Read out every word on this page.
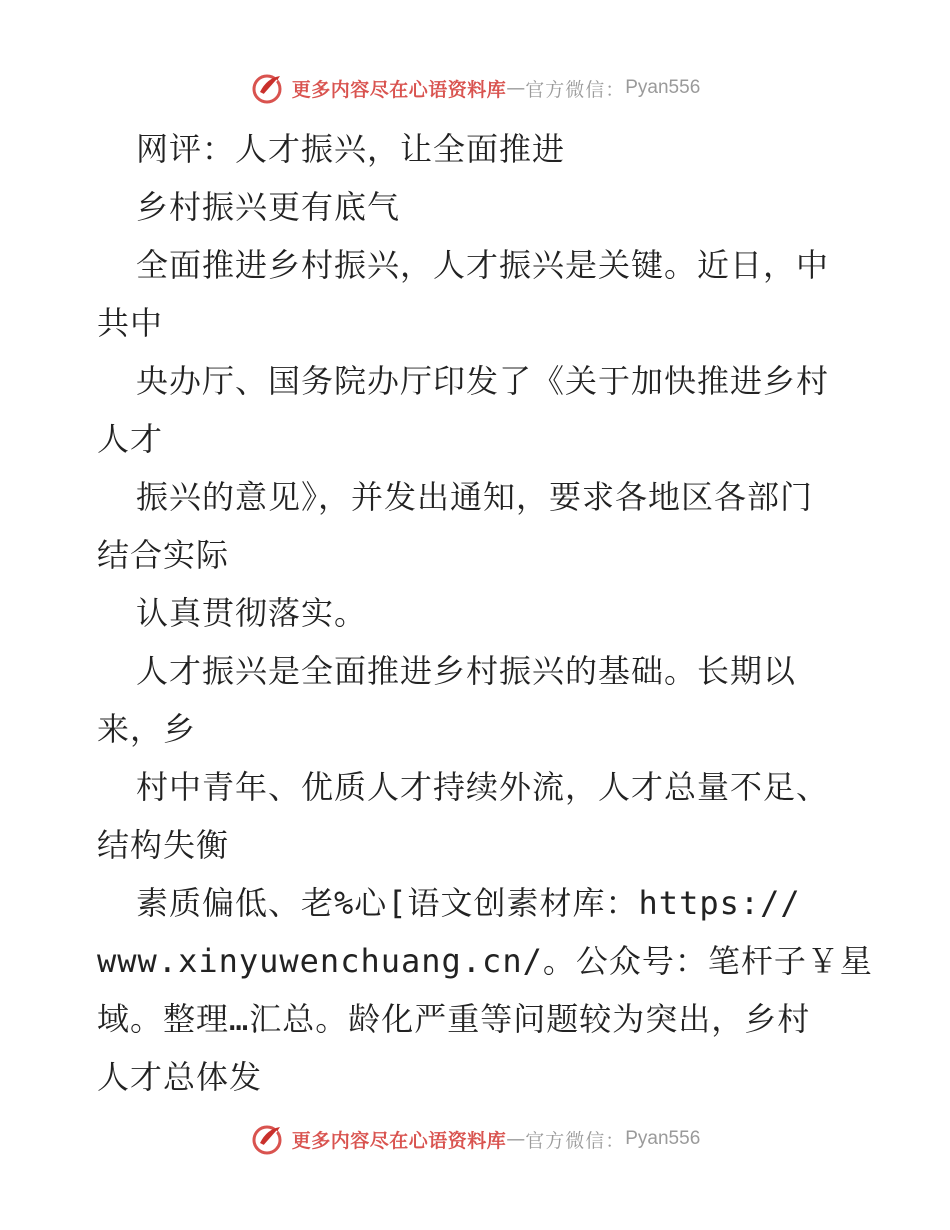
更多内容尽在心语资料库—官方微信：Pyan556
网评：人才振兴，让全面推进
乡村振兴更有底气
全面推进乡村振兴，人才振兴是关键。近日，中
共中
央办厅、国务院办厅印发了《关于加快推进乡村
人才
振兴的意见》，并发出通知，要求各地区各部门
结合实际
认真贯彻落实。
人才振兴是全面推进乡村振兴的基础。长期以
来，乡
村中青年、优质人才持续外流，人才总量不足、
结构失衡
素质偏低、老%心[语文创素材库：https://
www.xinyuwenchuang.cn/。公众号：笔杆子￥星
域。整理…汇总。龄化严重等问题较为突出，乡村
人才总体发
更多内容尽在心语资料库—官方微信：Pyan556
